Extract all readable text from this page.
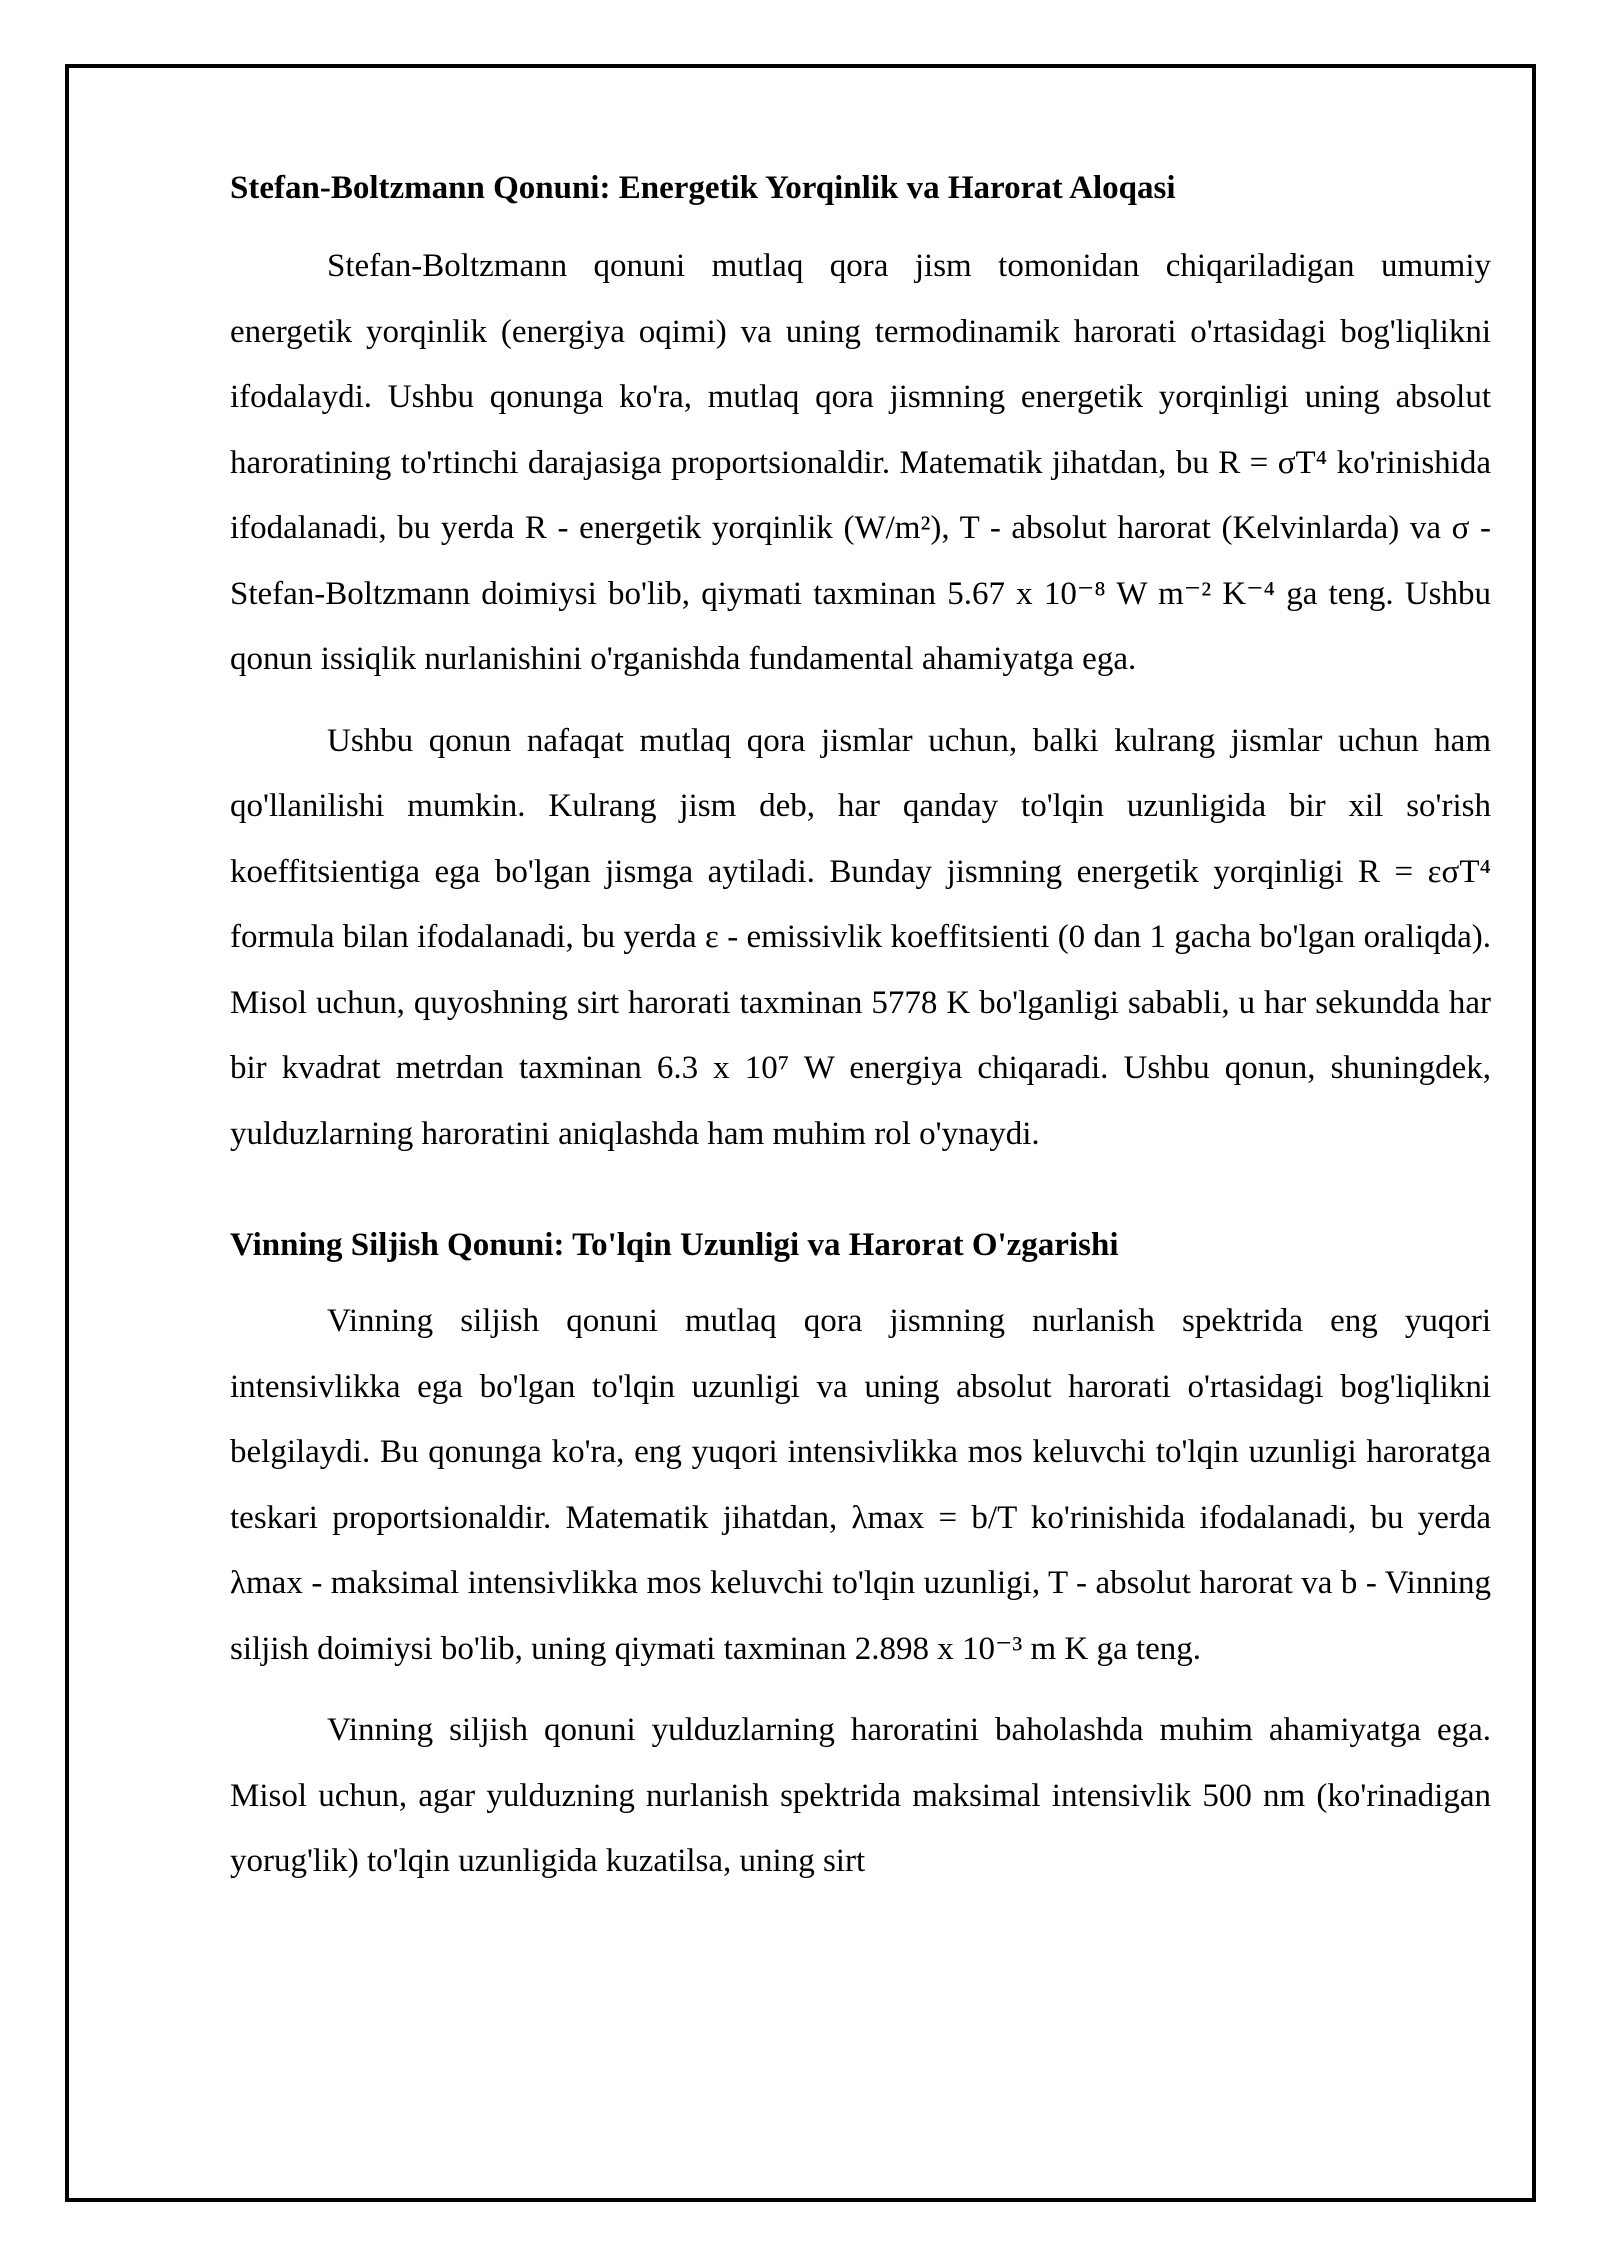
Stefan-Boltzmann Qonuni: Energetik Yorqinlik va Harorat Aloqasi

Stefan-Boltzmann qonuni mutlaq qora jism tomonidan chiqariladigan umumiy energetik yorqinlik (energiya oqimi) va uning termodinamik harorati o'rtasidagi bog'liqlikni ifodalaydi. Ushbu qonunga ko'ra, mutlaq qora jismning energetik yorqinligi uning absolut haroratining to'rtinchi darajasiga proportsionaldir. Matematik jihatdan, bu R = σT⁴ ko'rinishida ifodalanadi, bu yerda R - energetik yorqinlik (W/m²), T - absolut harorat (Kelvinlarda) va σ - Stefan-Boltzmann doimiysi bo'lib, qiymati taxminan 5.67 x 10⁻⁸ W m⁻² K⁻⁴ ga teng. Ushbu qonun issiqlik nurlanishini o'rganishda fundamental ahamiyatga ega.

Ushbu qonun nafaqat mutlaq qora jismlar uchun, balki kulrang jismlar uchun ham qo'llanilishi mumkin. Kulrang jism deb, har qanday to'lqin uzunligida bir xil so'rish koeffitsientiga ega bo'lgan jismga aytiladi. Bunday jismning energetik yorqinligi R = εσT⁴ formula bilan ifodalanadi, bu yerda ε - emissivlik koeffitsienti (0 dan 1 gacha bo'lgan oraliqda). Misol uchun, quyoshning sirt harorati taxminan 5778 K bo'lganligi sababli, u har sekundda har bir kvadrat metrdan taxminan 6.3 x 10⁷ W energiya chiqaradi. Ushbu qonun, shuningdek, yulduzlarning haroratini aniqlashda ham muhim rol o'ynaydi.

Vinning Siljish Qonuni: To'lqin Uzunligi va Harorat O'zgarishi

Vinning siljish qonuni mutlaq qora jismning nurlanish spektrida eng yuqori intensivlikka ega bo'lgan to'lqin uzunligi va uning absolut harorati o'rtasidagi bog'liqlikni belgilaydi. Bu qonunga ko'ra, eng yuqori intensivlikka mos keluvchi to'lqin uzunligi haroratga teskari proportsionaldir. Matematik jihatdan, λmax = b/T ko'rinishida ifodalanadi, bu yerda λmax - maksimal intensivlikka mos keluvchi to'lqin uzunligi, T - absolut harorat va b - Vinning siljish doimiysi bo'lib, uning qiymati taxminan 2.898 x 10⁻³ m K ga teng.

Vinning siljish qonuni yulduzlarning haroratini baholashda muhim ahamiyatga ega. Misol uchun, agar yulduzning nurlanish spektrida maksimal intensivlik 500 nm (ko'rinadigan yorug'lik) to'lqin uzunligida kuzatilsa, uning sirt
